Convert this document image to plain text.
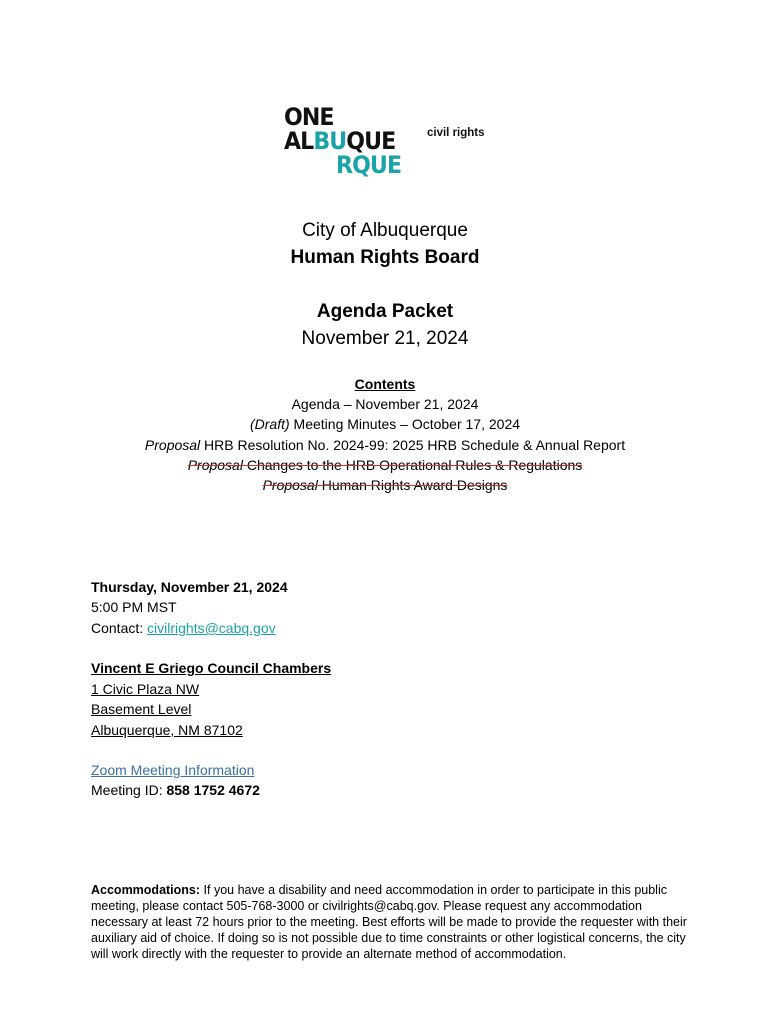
ONE
ALBUQUE
RQUE
civil rights
City of Albuquerque
Human Rights Board
Agenda Packet
November 21, 2024
Contents
Agenda – November 21, 2024
(Draft) Meeting Minutes – October 17, 2024
Proposal HRB Resolution No. 2024-99: 2025 HRB Schedule & Annual Report
Proposal Changes to the HRB Operational Rules & Regulations
Proposal Human Rights Award Designs
Thursday, November 21, 2024
5:00 PM MST
Contact: civilrights@cabq.gov
Vincent E Griego Council Chambers
1 Civic Plaza NW
Basement Level
Albuquerque, NM 87102
Zoom Meeting Information
Meeting ID: 858 1752 4672
Accommodations: If you have a disability and need accommodation in order to participate in this public meeting, please contact 505-768-3000 or civilrights@cabq.gov. Please request any accommodation necessary at least 72 hours prior to the meeting. Best efforts will be made to provide the requester with their auxiliary aid of choice. If doing so is not possible due to time constraints or other logistical concerns, the city will work directly with the requester to provide an alternate method of accommodation.
